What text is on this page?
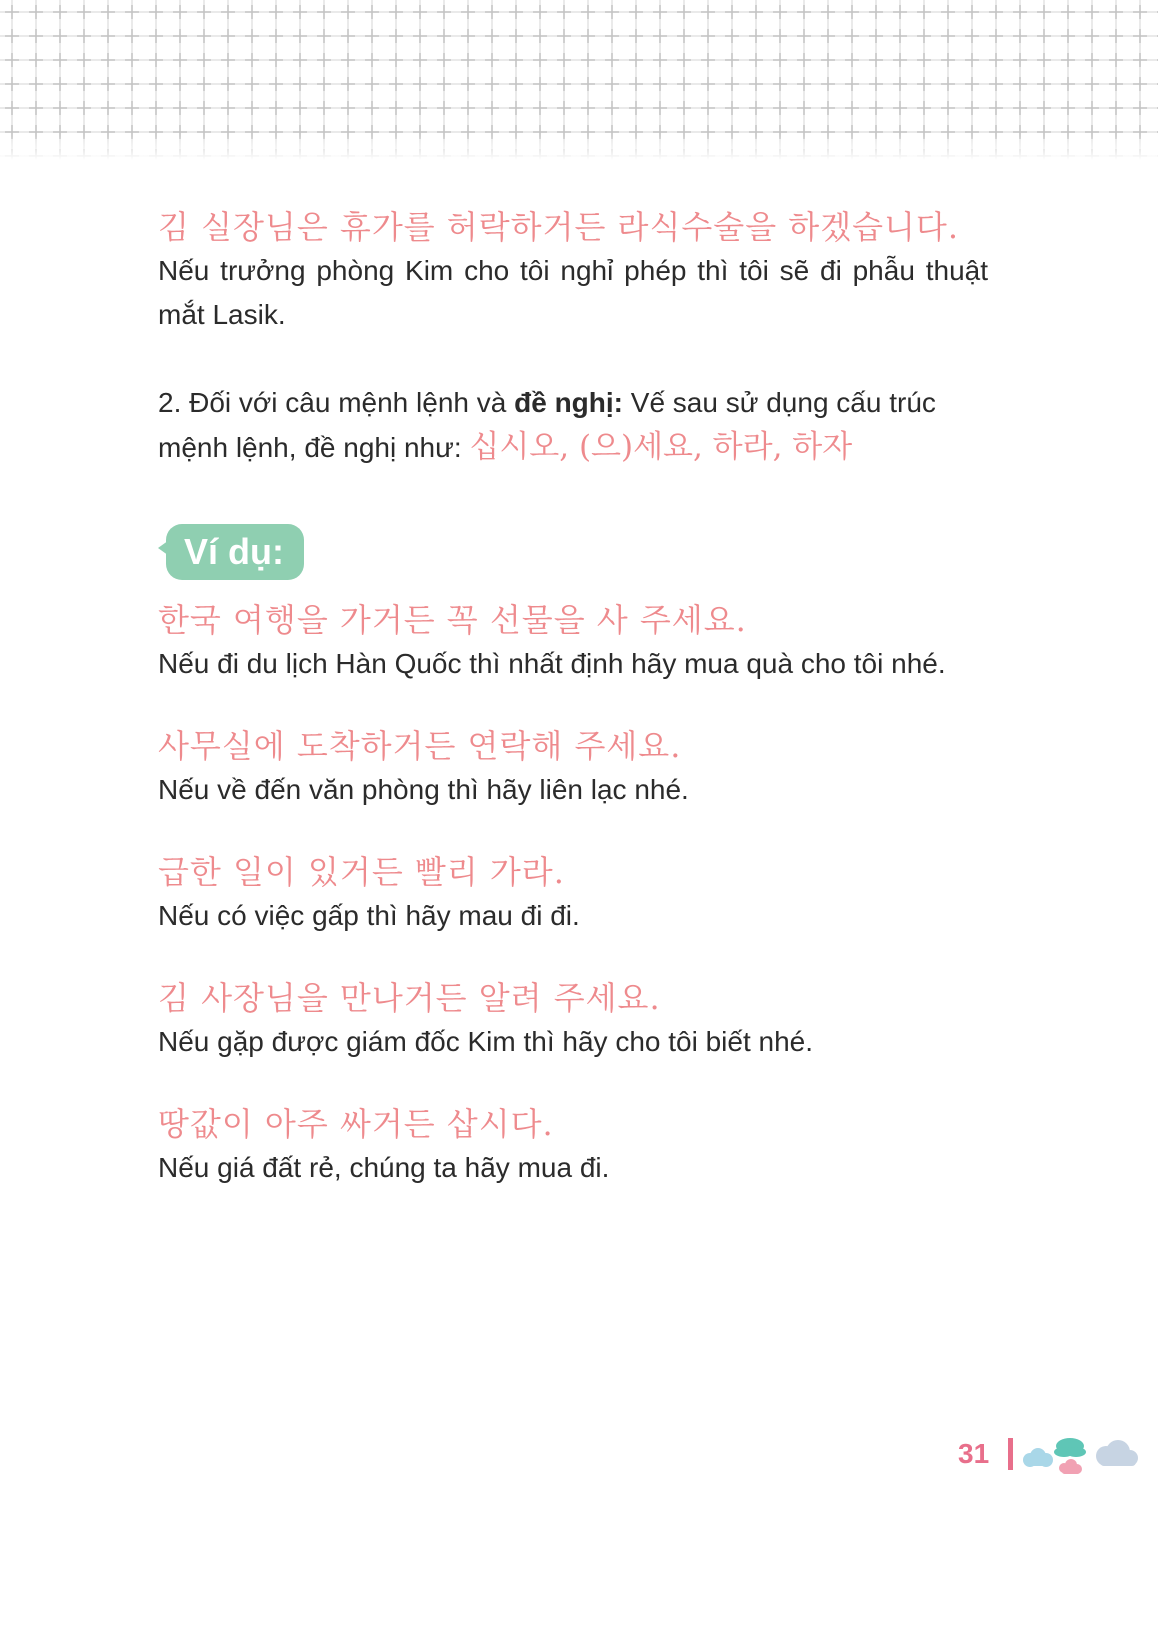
김 실장님은 휴가를 허락하거든 라식수술을 하겠습니다.
Nếu trưởng phòng Kim cho tôi nghỉ phép thì tôi sẽ đi phẫu thuật mắt Lasik.
2. Đối với câu mệnh lệnh và đề nghị: Vế sau sử dụng cấu trúc mệnh lệnh, đề nghị như: 십시오, (으)세요, 하라, 하자
Ví dụ:
한국 여행을 가거든 꼭 선물을 사 주세요.
Nếu đi du lịch Hàn Quốc thì nhất định hãy mua quà cho tôi nhé.
사무실에 도착하거든 연락해 주세요.
Nếu về đến văn phòng thì hãy liên lạc nhé.
급한 일이 있거든 빨리 가라.
Nếu có việc gấp thì hãy mau đi đi.
김 사장님을 만나거든 알려 주세요.
Nếu gặp được giám đốc Kim thì hãy cho tôi biết nhé.
땅값이 아주 싸거든 삽시다.
Nếu giá đất rẻ, chúng ta hãy mua đi.
31
